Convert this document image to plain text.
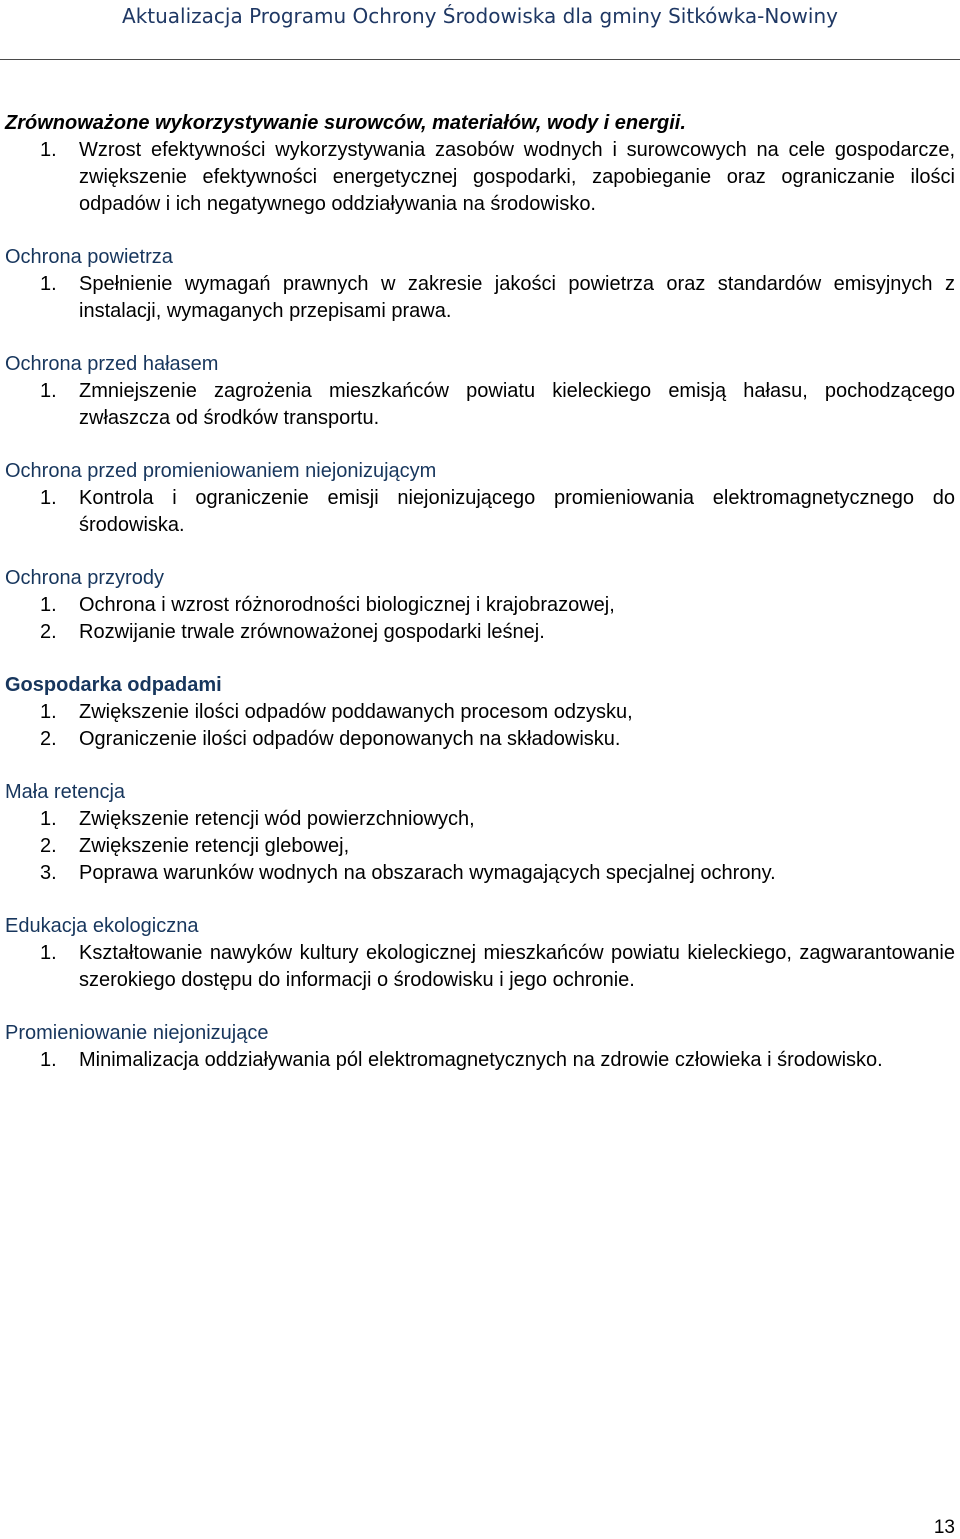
Aktualizacja Programu Ochrony Środowiska dla gminy Sitkówka-Nowiny

Zrównoważone wykorzystywanie surowców, materiałów, wody i energii.

1. Wzrost efektywności wykorzystywania zasobów wodnych i surowcowych na cele gospodarcze, zwiększenie efektywności energetycznej gospodarki, zapobieganie oraz ograniczanie ilości odpadów i ich negatywnego oddziaływania na środowisko.

Ochrona powietrza

1. Spełnienie wymagań prawnych w zakresie jakości powietrza oraz standardów emisyjnych z instalacji, wymaganych przepisami prawa.

Ochrona przed hałasem

1. Zmniejszenie zagrożenia mieszkańców powiatu kieleckiego emisją hałasu, pochodzącego zwłaszcza od środków transportu.

Ochrona przed promieniowaniem niejonizującym

1. Kontrola i ograniczenie emisji niejonizującego promieniowania elektromagnetycznego do środowiska.

Ochrona przyrody

1. Ochrona i wzrost różnorodności biologicznej i krajobrazowej,
2. Rozwijanie trwale zrównoważonej gospodarki leśnej.

Gospodarka odpadami

1. Zwiększenie ilości odpadów poddawanych procesom odzysku,
2. Ograniczenie ilości odpadów deponowanych na składowisku.

Mała retencja

1. Zwiększenie retencji wód powierzchniowych,
2. Zwiększenie retencji glebowej,
3. Poprawa warunków wodnych na obszarach wymagających specjalnej ochrony.

Edukacja ekologiczna

1. Kształtowanie nawyków kultury ekologicznej mieszkańców powiatu kieleckiego, zagwarantowanie szerokiego dostępu do informacji o środowisku i jego ochronie.

Promieniowanie niejonizujące

1. Minimalizacja oddziaływania pól elektromagnetycznych na zdrowie człowieka i środowisko.
13
